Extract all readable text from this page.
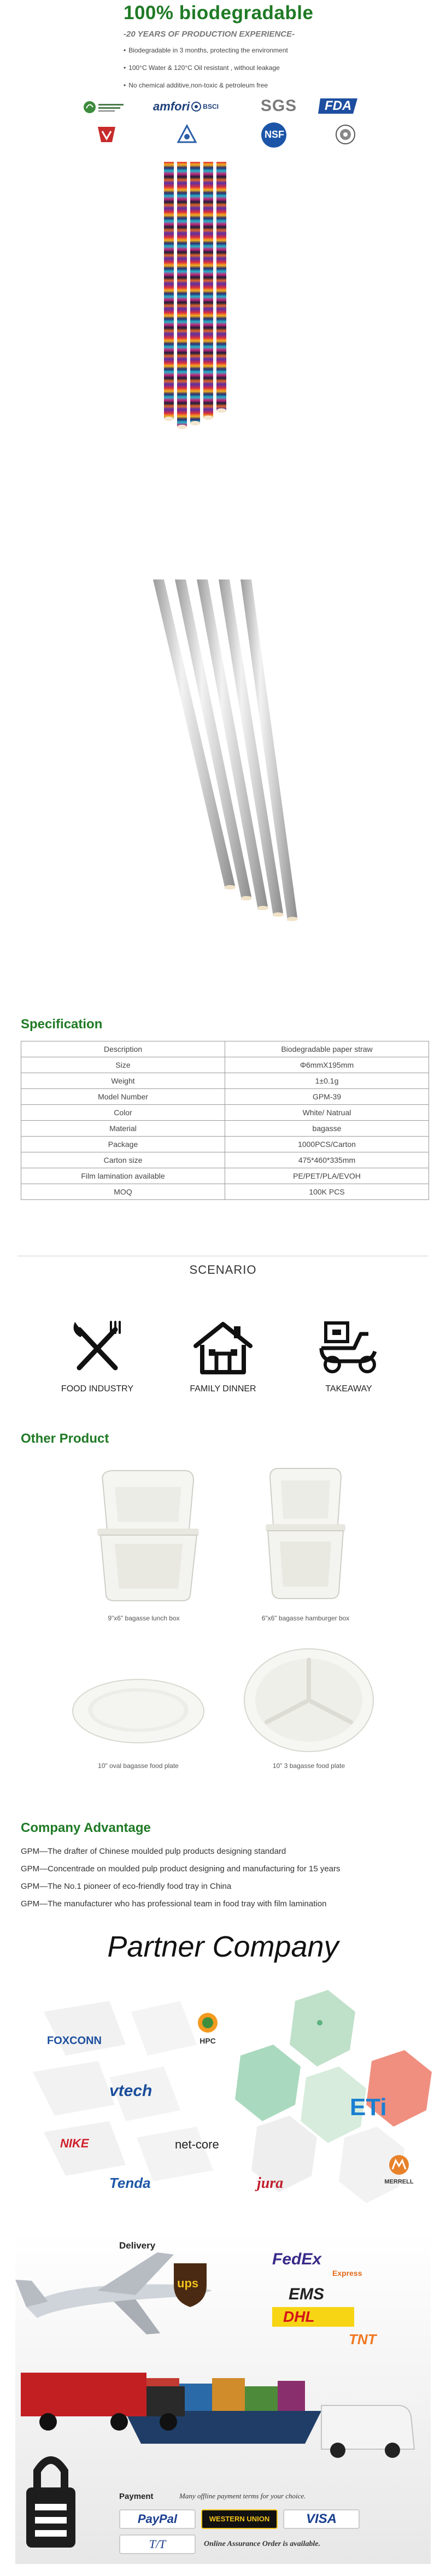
100% biodegradable
-20 YEARS OF PRODUCTION EXPERIENCE-
• Biodegradable in 3 months, protecting the environment
• 100°C Water & 120°C Oil resistant , without leakage
• No chemical additive,non-toxic & petroleum free
amfori BSCI	SGS FDA
NSF
Specification
Description	Biodegradable paper straw
Size	Φ6mmX195mm
Weight	1±0.1g
Model Number	GPM-39
Color	White/ Natrual
Material	bagasse
Package	1000PCS/Carton
Carton size	475*460*335mm
Film lamination available	PE/PET/PLA/EVOH
MOQ	100K PCS
SCENARIO
FOOD INDUSTRY	FAMILY DINNER	TAKEAWAY
Other Product
9"x6" bagasse lunch box	6"x6" bagasse hamburger box
10" oval bagasse food plate	10" 3 bagasse food plate
Company Advantage
GPM—The drafter of Chinese moulded pulp products designing standard
GPM—Concentrade on moulded pulp product designing and manufacturing for 15 years
GPM—The No.1 pioneer of eco-friendly food tray in China
GPM—The manufacturer who has professional team in food tray with film lamination
Partner Company
FOXCONN	HPC
vtech
ETi
NIKE	net-core
Tenda	jura	MERRELL
Delivery
ups
FedEx
Express
EMS
DHL
TNT
Payment	Many offline payment terms for your choice.
PayPal	WESTERN UNION	VISA
T/T	Online Assurance Order is available.
